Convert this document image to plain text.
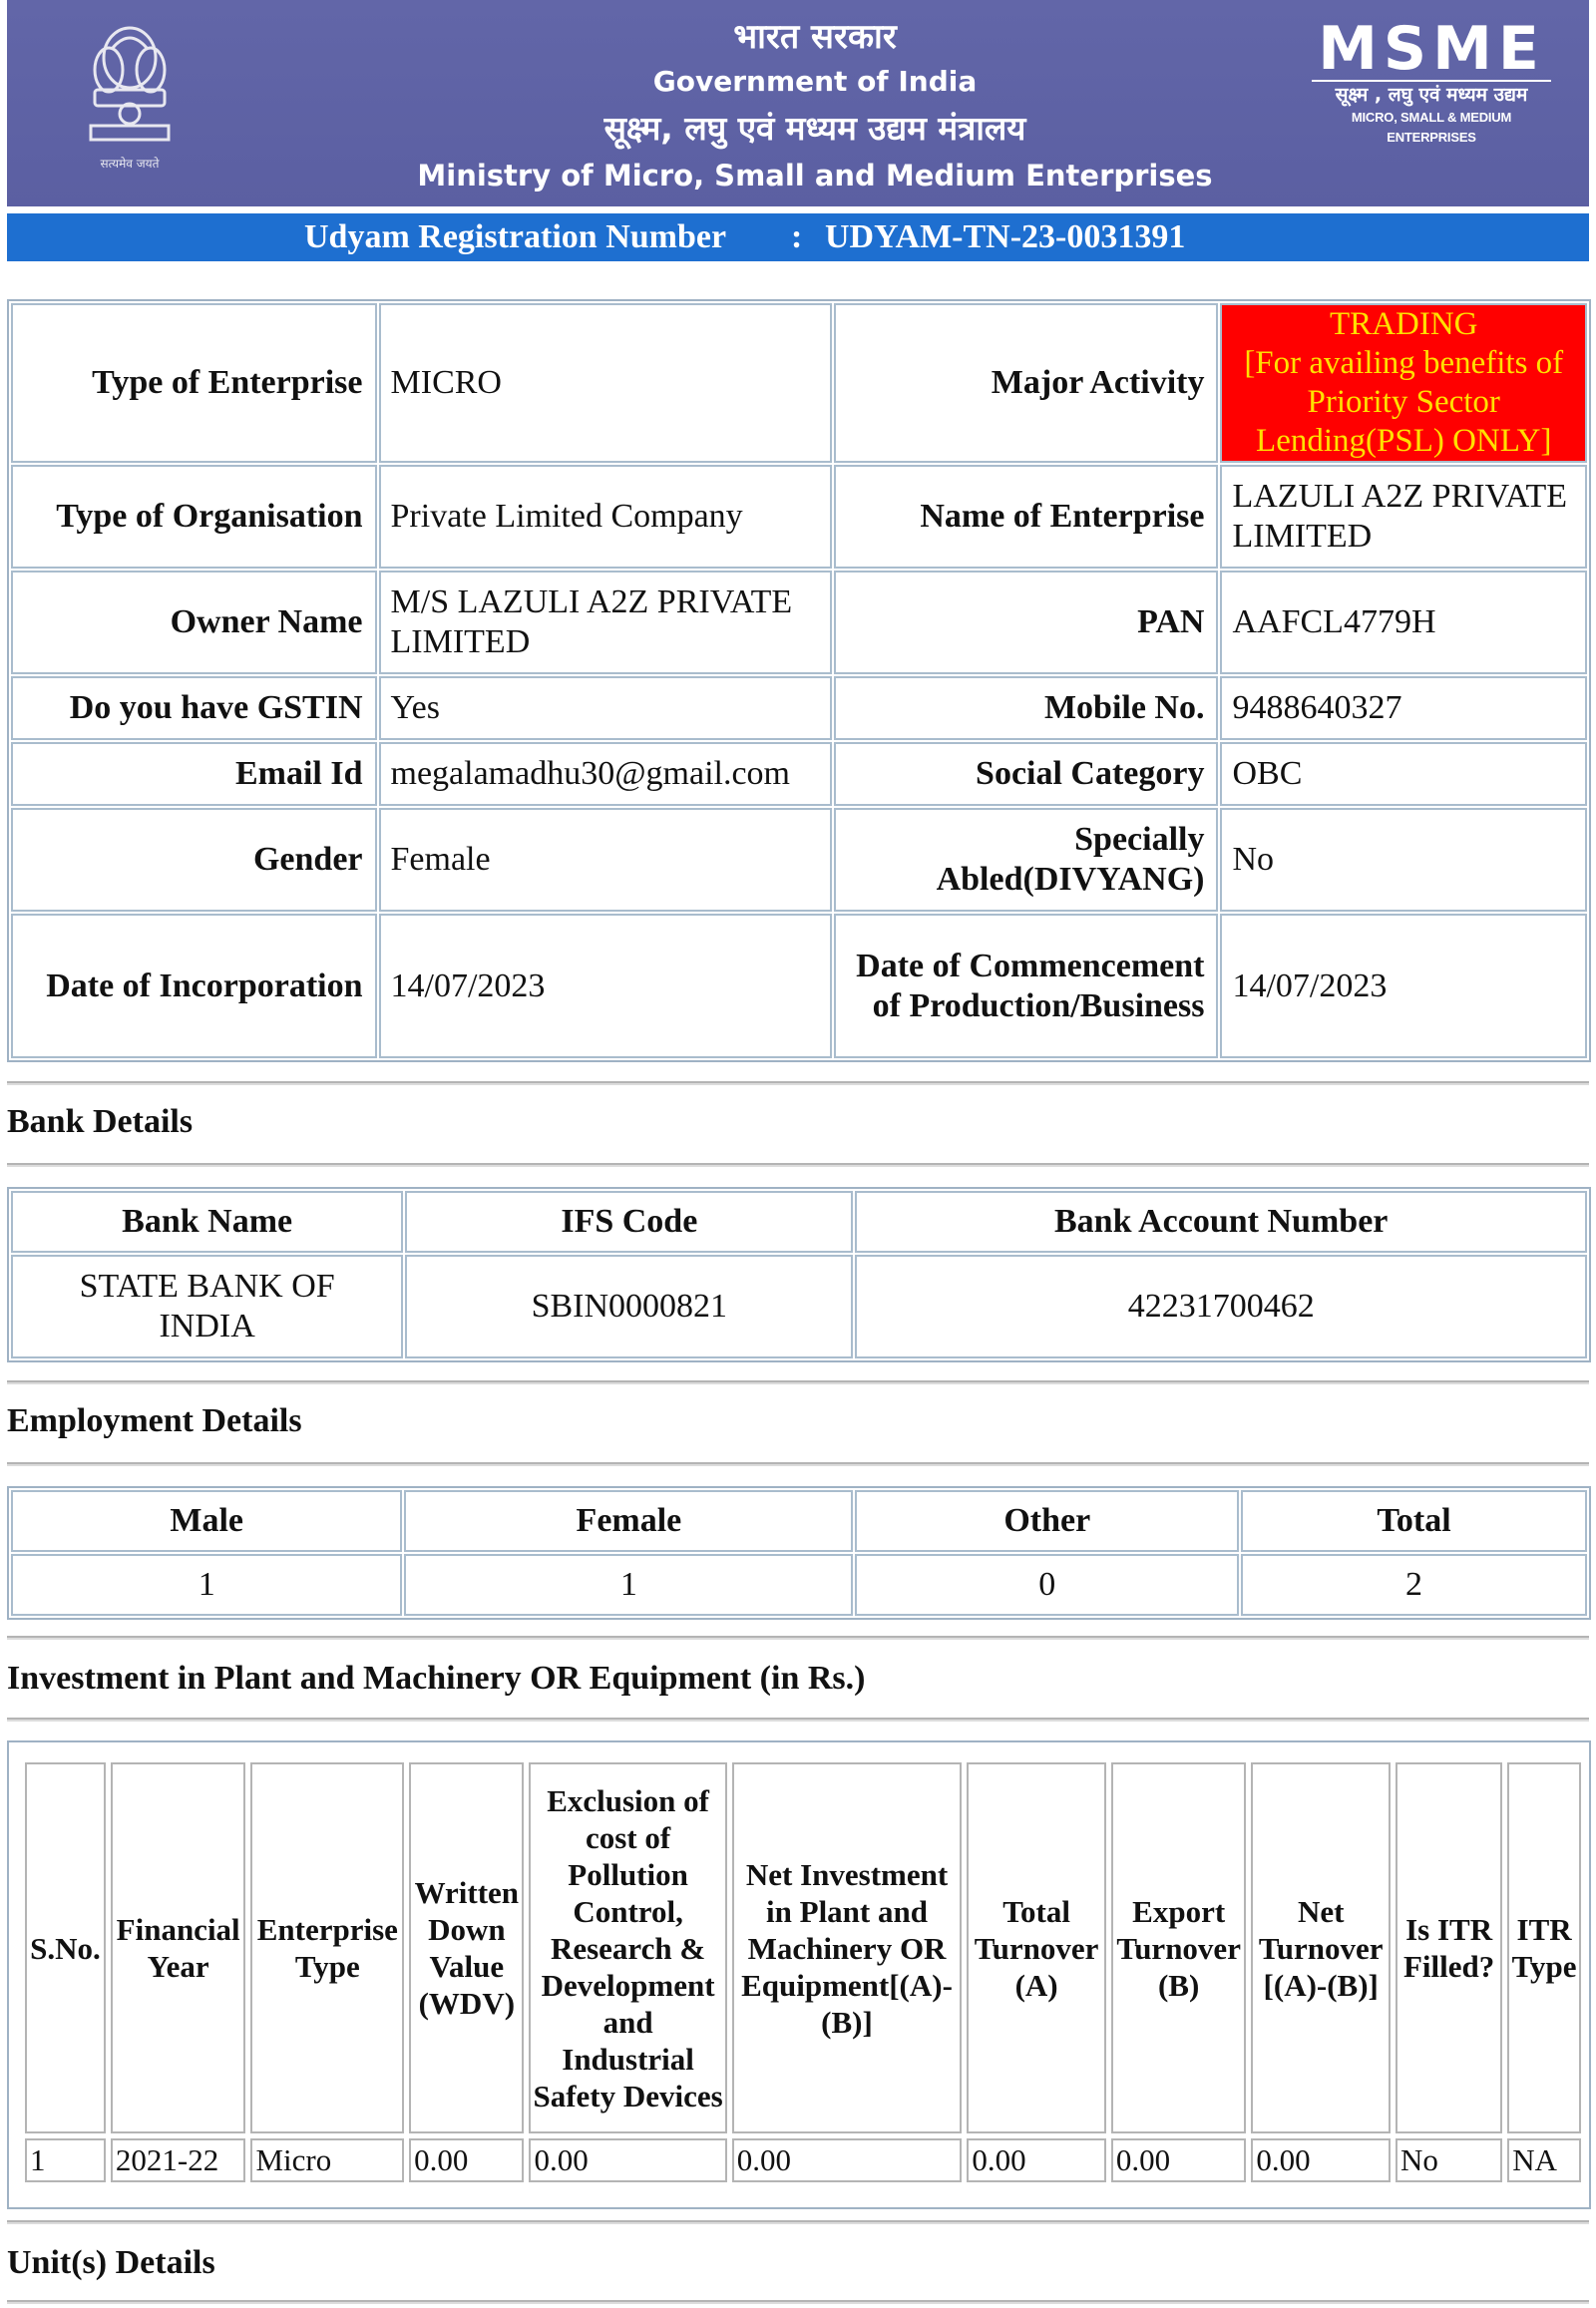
सत्यमेव जयते
भारत सरकार
Government of India
सूक्ष्म, लघु एवं मध्यम उद्यम मंत्रालय
Ministry of Micro, Small and Medium Enterprises
MSME
सूक्ष्म , लघु एवं मध्यम उद्यम
MICRO, SMALL & MEDIUM ENTERPRISES
Udyam Registration Number : UDYAM-TN-23-0031391
Type of Enterprise	MICRO	Major Activity	TRADING
[For availing benefits of Priority Sector Lending(PSL) ONLY]

Type of Organisation	Private Limited Company	Name of Enterprise	LAZULI A2Z PRIVATE LIMITED
Owner Name	M/S LAZULI A2Z PRIVATE LIMITED	PAN	AAFCL4779H
Do you have GSTIN	Yes	Mobile No.	9488640327
Email Id	megalamadhu30@gmail.com	Social Category	OBC
Gender	Female	Specially Abled(DIVYANG)	No
Date of Incorporation	14/07/2023	Date of Commencement of Production/Business	14/07/2023
Bank Details
Bank Name	IFS Code	Bank Account Number
STATE BANK OF INDIA	SBIN0000821	42231700462
Employment Details
Male	Female	Other	Total
1	1	0	2
Investment in Plant and Machinery OR Equipment (in Rs.)
S.No.	Financial Year	Enterprise Type	Written Down Value (WDV)	Exclusion of cost of Pollution Control, Research & Development and Industrial Safety Devices	Net Investment in Plant and Machinery OR Equipment[(A)-(B)]	Total Turnover (A)	Export Turnover (B)	Net Turnover [(A)-(B)]	Is ITR Filled?	ITR Type
1	2021-22	Micro	0.00	0.00	0.00	0.00	0.00	0.00	No	NA
Unit(s) Details
